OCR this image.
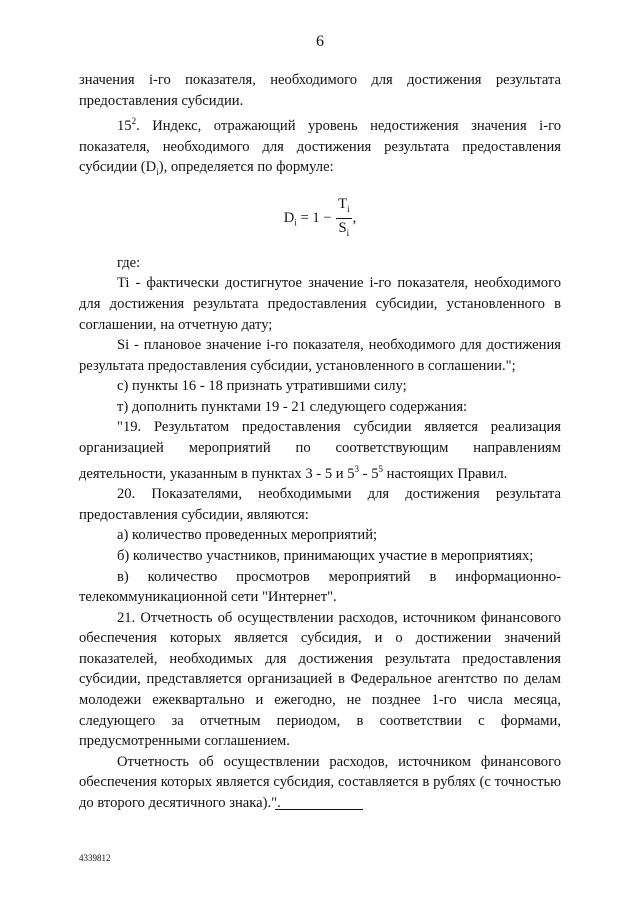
6

значения i-го показателя, необходимого для достижения результата предоставления субсидии.

$15^2$. Индекс, отражающий уровень недостижения значения i-го показателя, необходимого для достижения результата предоставления субсидии $(D_i)$, определяется по формуле:

$D_i = 1 - \frac{T_i}{S_i}$ ,

где:

Ti - фактически достигнутое значение i-го показателя, необходимого для достижения результата предоставления субсидии, установленного в соглашении, на отчетную дату;

Si - плановое значение i-го показателя, необходимого для достижения результата предоставления субсидии, установленного в соглашении.";

с) пункты 16 - 18 признать утратившими силу;

т) дополнить пунктами 19 - 21 следующего содержания:

"19. Результатом предоставления субсидии является реализация организацией мероприятий по соответствующим направлениям деятельности, указанным в пунктах 3 - 5 и $5^3 - 5^5$ настоящих Правил.

20. Показателями, необходимыми для достижения результата предоставления субсидии, являются:

а) количество проведенных мероприятий;

б) количество участников, принимающих участие в мероприятиях;

в) количество просмотров мероприятий в информационно-телекоммуникационной сети "Интернет".

21. Отчетность об осуществлении расходов, источником финансового обеспечения которых является субсидия, и о достижении значений показателей, необходимых для достижения результата предоставления субсидии, представляется организацией в Федеральное агентство по делам молодежи ежеквартально и ежегодно, не позднее 1-го числа месяца, следующего за отчетным периодом, в соответствии с формами, предусмотренными соглашением.

Отчетность об осуществлении расходов, источником финансового обеспечения которых является субсидия, составляется в рублях (с точностью до второго десятичного знака).".

4339812
